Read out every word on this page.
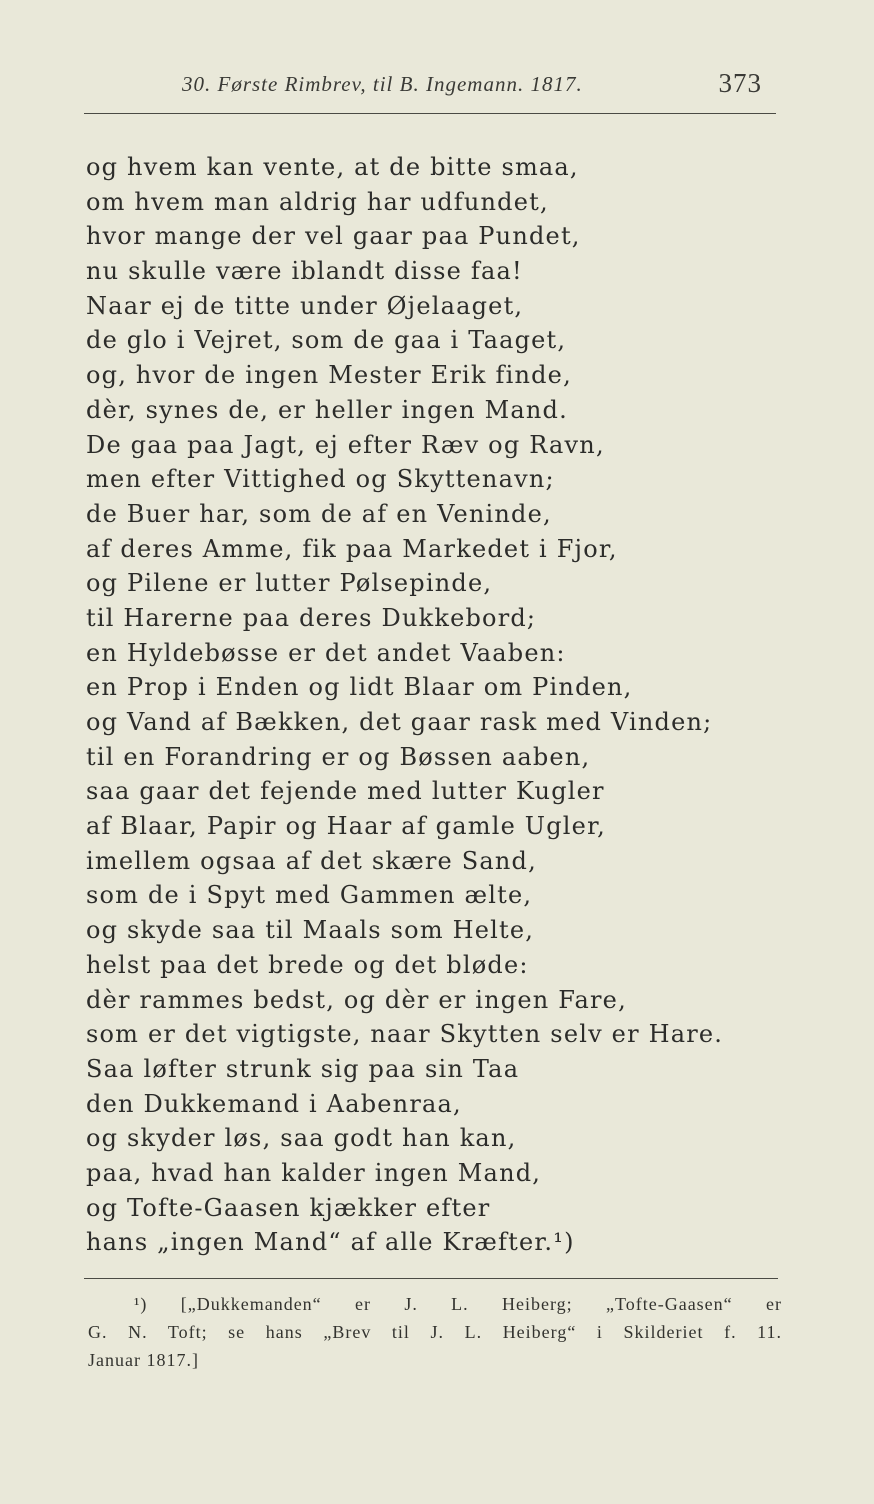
30. Første Rimbrev, til B. Ingemann. 1817.	373
og hvem kan vente, at de bitte smaa,
om hvem man aldrig har udfundet,
hvor mange der vel gaar paa Pundet,
nu skulle være iblandt disse faa!
Naar ej de titte under Øjelaaget,
de glo i Vejret, som de gaa i Taaget,
og, hvor de ingen Mester Erik finde,
dèr, synes de, er heller ingen Mand.
De gaa paa Jagt, ej efter Ræv og Ravn,
men efter Vittighed og Skyttenavn;
de Buer har, som de af en Veninde,
af deres Amme, fik paa Markedet i Fjor,
og Pilene er lutter Pølsepinde,
til Harerne paa deres Dukkebord;
en Hyldebøsse er det andet Vaaben:
en Prop i Enden og lidt Blaar om Pinden,
og Vand af Bækken, det gaar rask med Vinden;
til en Forandring er og Bøssen aaben,
saa gaar det fejende med lutter Kugler
af Blaar, Papir og Haar af gamle Ugler,
imellem ogsaa af det skære Sand,
som de i Spyt med Gammen ælte,
og skyde saa til Maals som Helte,
helst paa det brede og det bløde:
dèr rammes bedst, og dèr er ingen Fare,
som er det vigtigste, naar Skytten selv er Hare.
Saa løfter strunk sig paa sin Taa
den Dukkemand i Aabenraa,
og skyder løs, saa godt han kan,
paa, hvad han kalder ingen Mand,
og Tofte-Gaasen kjækker efter
hans „ingen Mand“ af alle Kræfter.¹)
¹) [„Dukkemanden“ er J. L. Heiberg; „Tofte-Gaasen“ er
G. N. Toft; se hans „Brev til J. L. Heiberg“ i Skilderiet f. 11.
Januar 1817.]
